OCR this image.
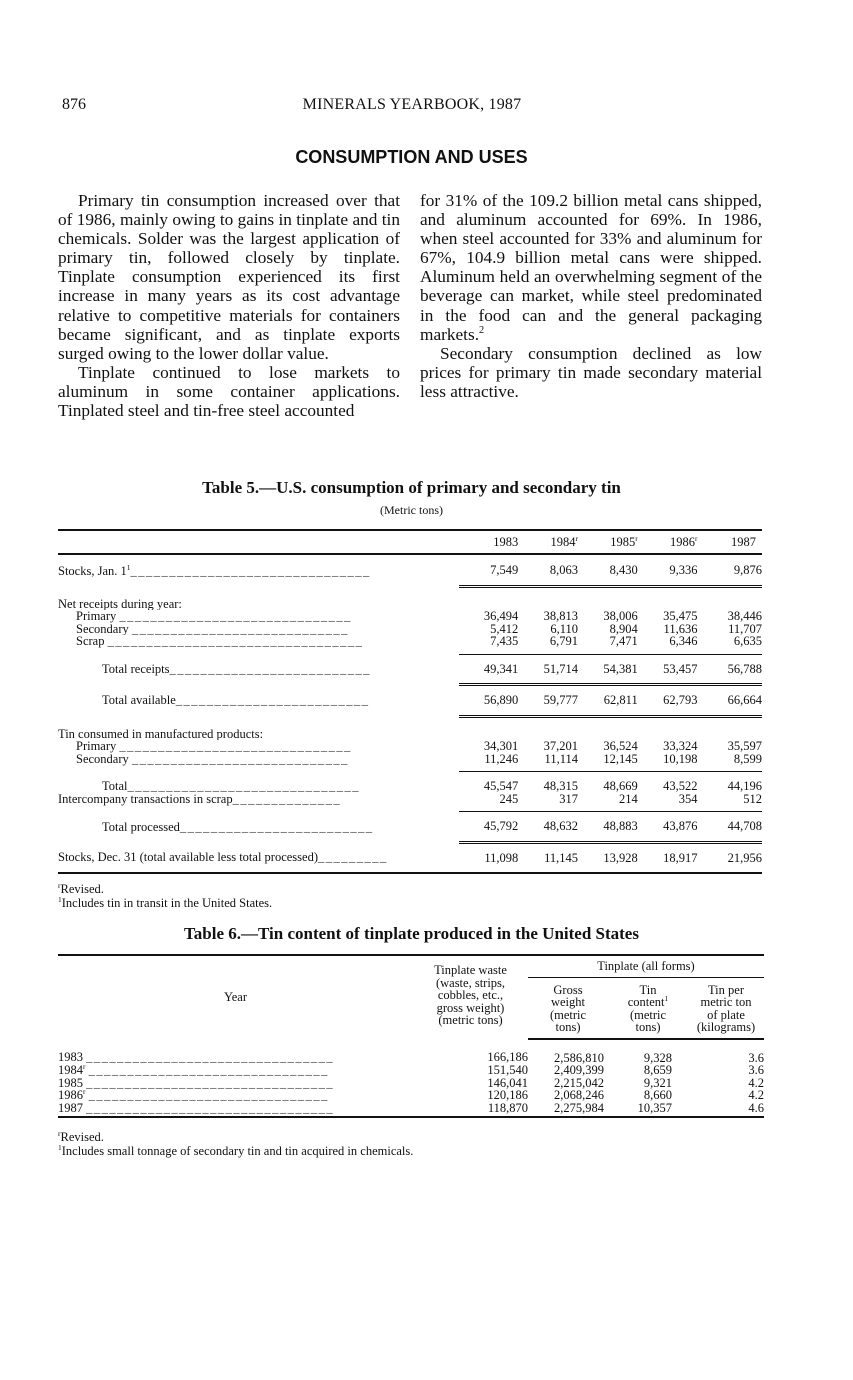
876	MINERALS YEARBOOK, 1987
CONSUMPTION AND USES

Primary tin consumption increased over that of 1986, mainly owing to gains in tinplate and tin chemicals. Solder was the largest application of primary tin, followed closely by tinplate. Tinplate consumption experienced its first increase in many years as its cost advantage relative to competitive materials for containers became significant, and as tinplate exports surged owing to the lower dollar value.

Tinplate continued to lose markets to aluminum in some container applications. Tinplated steel and tin-free steel accounted

for 31% of the 109.2 billion metal cans shipped, and aluminum accounted for 69%. In 1986, when steel accounted for 33% and aluminum for 67%, 104.9 billion metal cans were shipped. Aluminum held an overwhelming segment of the beverage can market, while steel predominated in the food can and the general packaging markets.$^2$

Secondary consumption declined as low prices for primary tin made secondary material less attractive.

Table 5.—U.S. consumption of primary and secondary tin
(Metric tons)
	1983	1984$^r$	1985$^r$	1986$^r$	1987

Stocks, Jan. $1^1\_\_\_\_\_\_\_\_\_\_\_\_\_\_\_\_\_\_\_\_\_\_\_\_\_\_\_\_\_\_\_$	7,549	8,063	8,430	9,336	9,876
Net receipts during year:					
Primary ______________________________	36,494	38,813	38,006	35,475	38,446
Secondary ____________________________	5,412	6,110	8,904	11,636	11,707
Scrap _________________________________	7,435	6,791	7,471	6,346	6,635
Total receipts__________________________	49,341	51,714	54,381	53,457	56,788
Total available_________________________	56,890	59,777	62,811	62,793	66,664
Tin consumed in manufactured products:					
Primary ______________________________	34,301	37,201	36,524	33,324	35,597
Secondary ____________________________	11,246	11,114	12,145	10,198	8,599
Total______________________________	45,547	48,315	48,669	43,522	44,196
Intercompany transactions in scrap______________	245	317	214	354	512
Total processed_________________________	45,792	48,632	48,883	43,876	44,708
Stocks, Dec. 31 (total available less total processed)_________	11,098	11,145	13,928	18,917	21,956
$^r$Revised.
$^1$Includes tin in transit in the United States.
Table 6.—Tin content of tinplate produced in the United States
Year	Tinplate waste
(waste, strips,
cobbles, etc.,
gross weight)
(metric tons)	Tinplate (all forms)		

Gross
weight
(metric
tons)

Tin
content$^1$
(metric
tons)

Tin per
metric ton
of plate
(kilograms)

1983 ________________________________	166,186	2,586,810	9,328	3.6
1984$^r$ _______________________________	151,540	2,409,399	8,659	3.6
1985 ________________________________	146,041	2,215,042	9,321	4.2
1986$^r$ _______________________________	120,186	2,068,246	8,660	4.2
1987 ________________________________	118,870	2,275,984	10,357	4.6
$^r$Revised.
$^1$Includes small tonnage of secondary tin and tin acquired in chemicals.
